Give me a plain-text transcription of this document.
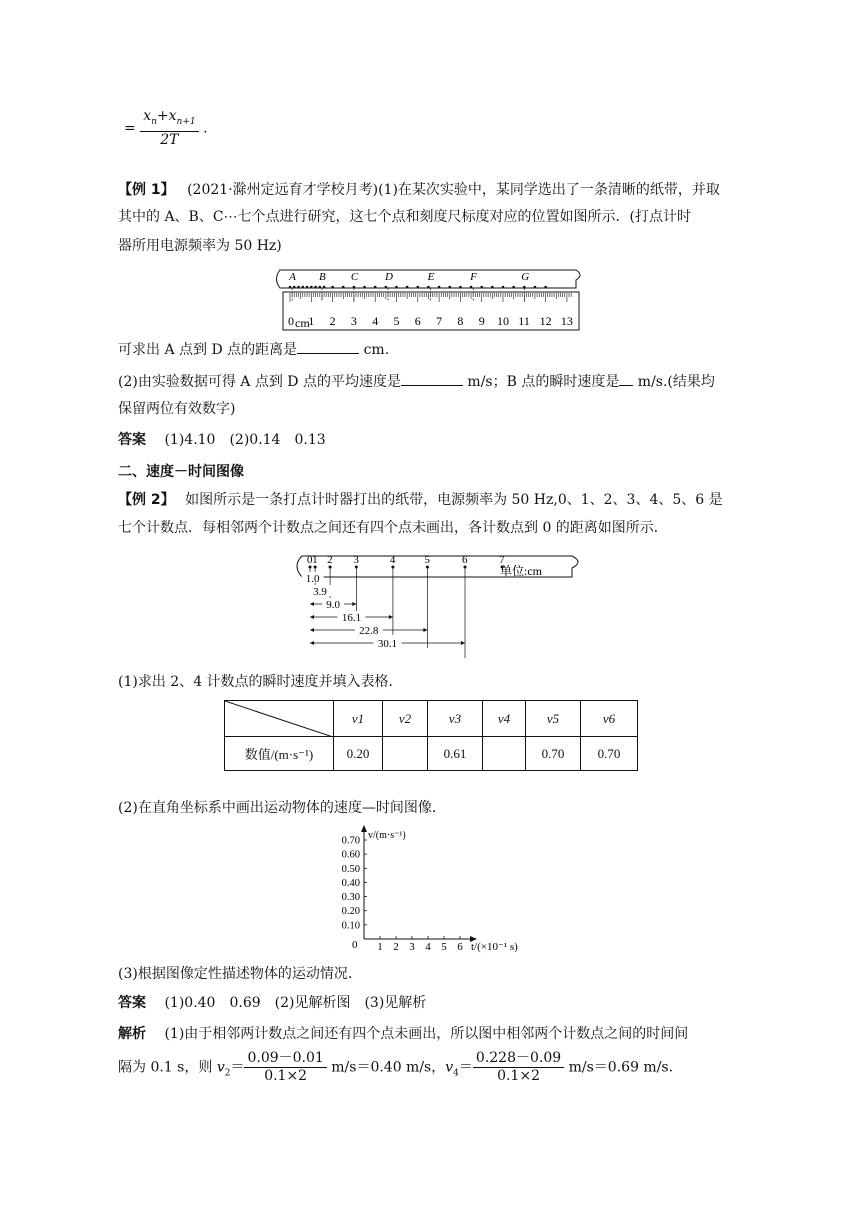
= $\frac{x_n+x_{n+1}}{2T}$ .
【例 1】 (2021·滁州定远育才学校月考)(1)在某次实验中，某同学选出了一条清晰的纸带，并取
其中的 A、B、C⋯七个点进行研究，这七个点和刻度尺标度对应的位置如图所示．(打点计时
器所用电源频率为 50 Hz)
A B C D	E	F	G
1 2 3 4 5 6 7 8 9 10 11 12 13
0 cm
可求出 A 点到 D 点的距离是	cm.
(2)由实验数据可得 A 点到 D 点的平均速度是	m/s；B 点的瞬时速度是 m/s.(结果均
保留两位有效数字)
答案 (1)4.10　(2)0.14　0.13
二、速度－时间图像
【例 2】 如图所示是一条打点计时器打出的纸带，电源频率为 50 Hz,0、1、2、3、4、5、6 是
七个计数点．每相邻两个计数点之间还有四个点未画出，各计数点到 0 的距离如图所示．
0 1 2 3	4	5	6	7
单位:cm
1.0
3.9
9.0
16.1
22.8
30.1
(1)求出 2、4 计数点的瞬时速度并填入表格．
	v1	v2	v3	v4	v5	v6
数值/(m·s⁻¹)	0.20		0.61		0.70	0.70
(2)在直角坐标系中画出运动物体的速度—时间图像．
0
v/(m·s⁻¹)
t/(×10⁻¹ s)
0.10
0.20
0.30
0.40
0.50
0.60
0.70
1 2 3 4 5 6
(3)根据图像定性描述物体的运动情况．
答案 (1)0.40　0.69　(2)见解析图　(3)见解析
解析 (1)由于相邻两计数点之间还有四个点未画出，所以图中相邻两个计数点之间的时间间
隔为 0.1 s，则 $v_2= \frac{0.09-0.01}{0.1\times 2} m/s=0.40$ m/s，$v_4= \frac{0.228-0.09}{0.1\times 2} m/s=0.69$ m/s.
